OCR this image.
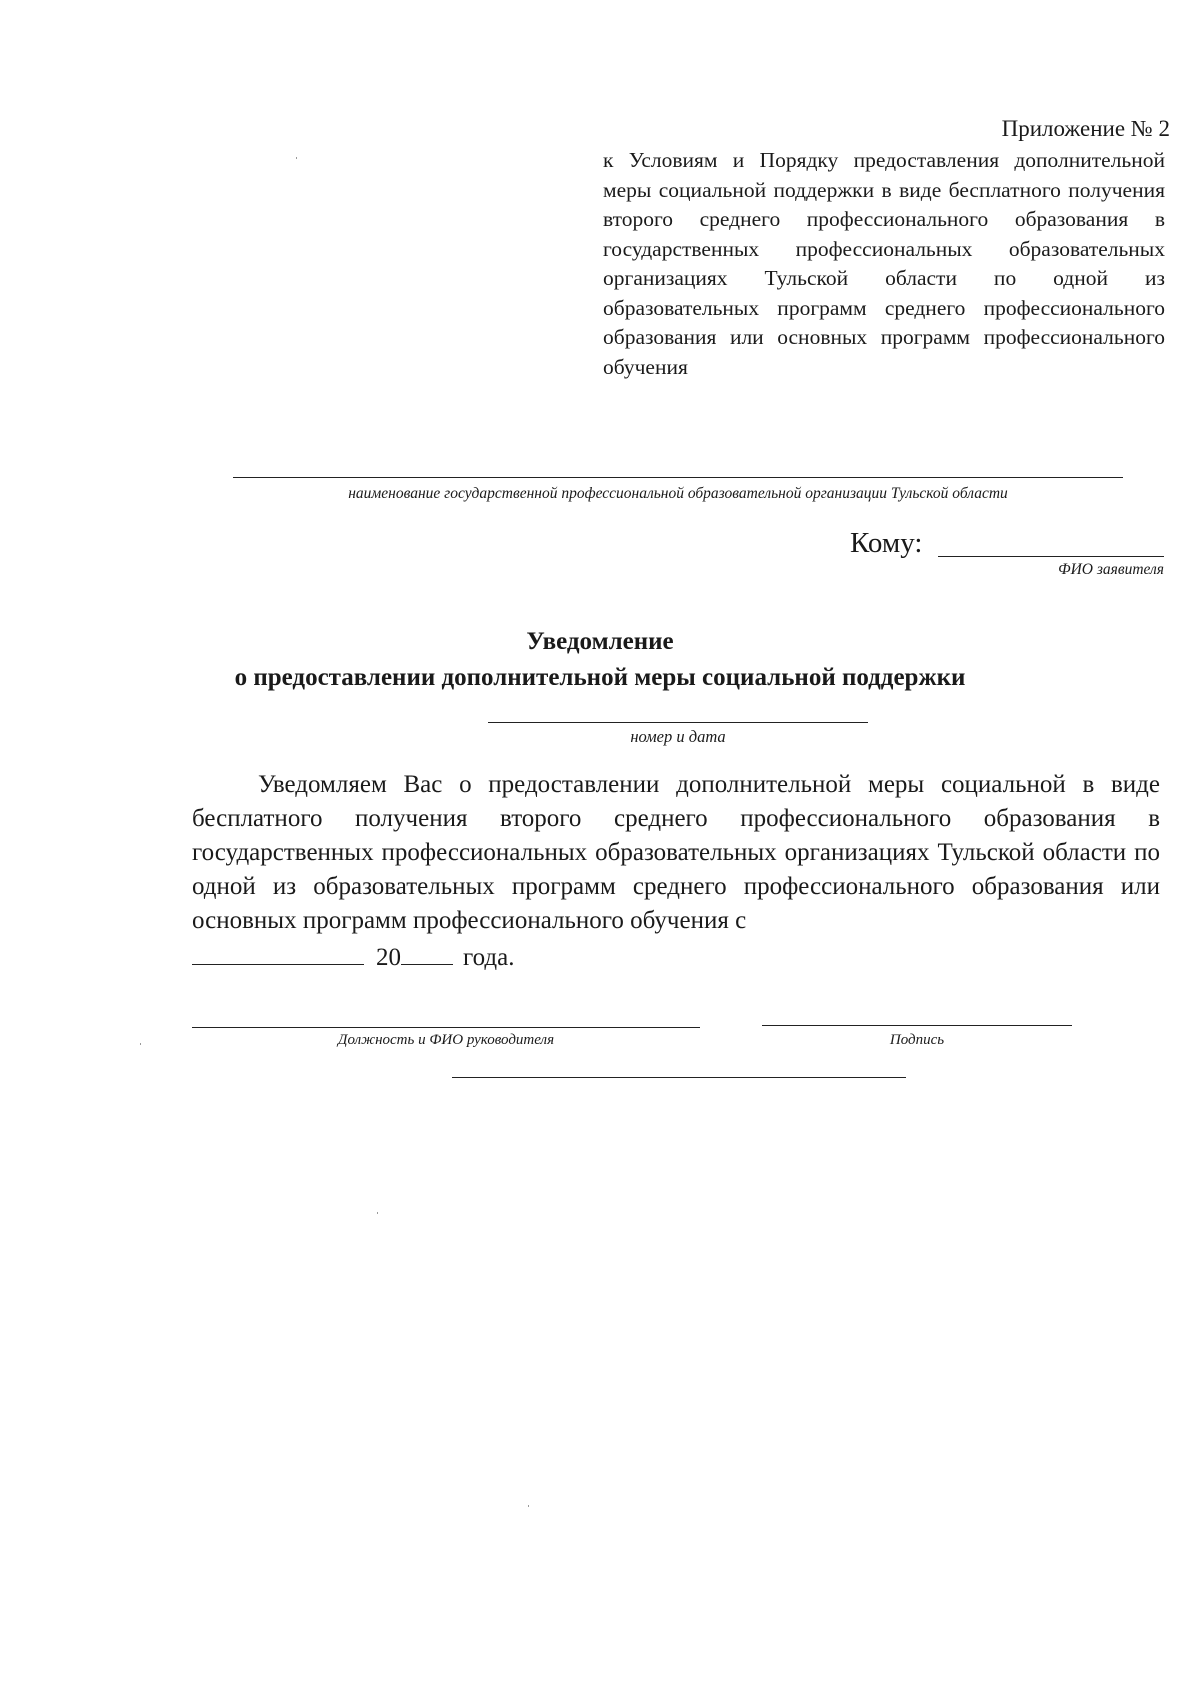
Приложение № 2
к Условиям и Порядку предоставления дополнительной меры социальной поддержки в виде бесплатного получения второго среднего профессионального образования в государственных профессиональных образовательных организациях Тульской области по одной из образовательных программ среднего профессионального образования или основных программ профессионального обучения
наименование государственной профессиональной образовательной организации Тульской области
Кому:
ФИО заявителя
Уведомление
о предоставлении дополнительной меры социальной поддержки
номер и дата
Уведомляем Вас о предоставлении дополнительной меры социальной в виде бесплатного получения второго среднего профессионального образования в государственных профессиональных образовательных организациях Тульской области по одной из образовательных программ среднего профессионального образования или основных программ профессионального обучения с
20 года.
Должность и ФИО руководителя	Подпись
